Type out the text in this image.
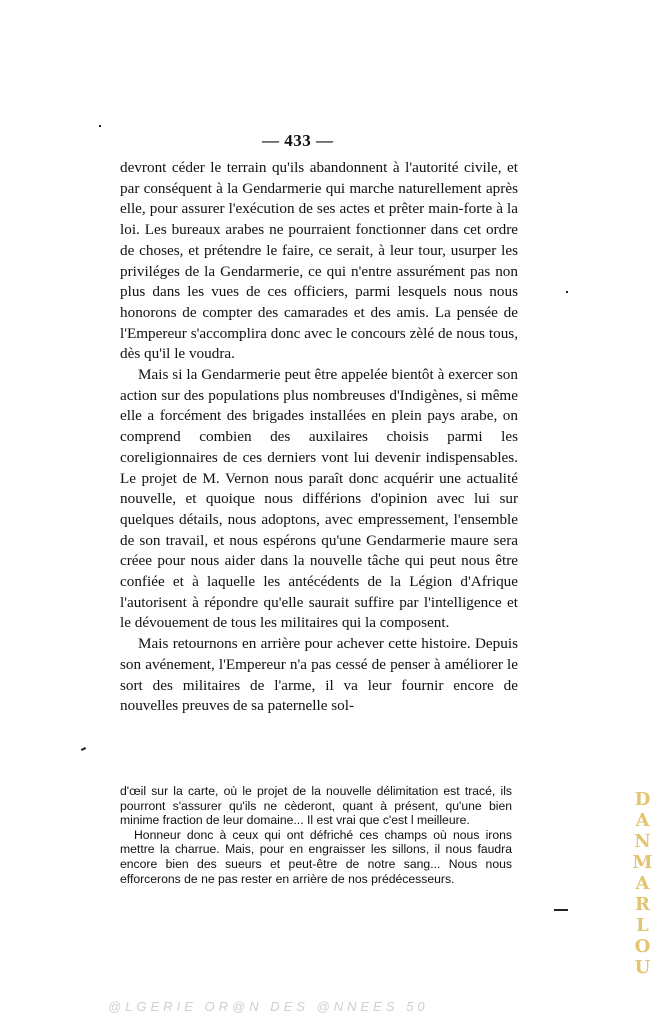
— 433 —

devront céder le terrain qu'ils abandonnent à l'autorité civile, et par conséquent à la Gendarmerie qui marche naturellement après elle, pour assurer l'exécution de ses actes et prêter main-forte à la loi. Les bureaux arabes ne pourraient fonctionner dans cet ordre de choses, et prétendre le faire, ce serait, à leur tour, usurper les priviléges de la Gendarmerie, ce qui n'entre assurément pas non plus dans les vues de ces officiers, parmi lesquels nous nous honorons de compter des camarades et des amis. La pensée de l'Empereur s'accomplira donc avec le concours zèlé de nous tous, dès qu'il le voudra.

Mais si la Gendarmerie peut être appelée bientôt à exercer son action sur des populations plus nombreuses d'Indigènes, si même elle a forcément des brigades installées en plein pays arabe, on comprend combien des auxilaires choisis parmi les coreligionnaires de ces derniers vont lui devenir indispensables. Le projet de M. Vernon nous paraît donc acquérir une actualité nouvelle, et quoique nous différions d'opinion avec lui sur quelques détails, nous adoptons, avec empressement, l'ensemble de son travail, et nous espérons qu'une Gendarmerie maure sera créee pour nous aider dans la nouvelle tâche qui peut nous être confiée et à laquelle les antécédents de la Légion d'Afrique l'autorisent à répondre qu'elle saurait suffire par l'intelligence et le dévouement de tous les militaires qui la composent.

Mais retournons en arrière pour achever cette histoire. Depuis son avénement, l'Empereur n'a pas cessé de penser à améliorer le sort des militaires de l'arme, il va leur fournir encore de nouvelles preuves de sa paternelle sol-

d'œil sur la carte, où le projet de la nouvelle délimitation est tracé, ils pourront s'assurer qu'ils ne cèderont, quant à présent, qu'une bien minime fraction de leur domaine... Il est vrai que c'est l meilleure.

Honneur donc à ceux qui ont défriché ces champs où nous irons mettre la charrue. Mais, pour en engraisser les sillons, il nous faudra encore bien des sueurs et peut-être de notre sang... Nous nous efforcerons de ne pas rester en arrière de nos prédécesseurs.	DANMARLOU
@LGERIE OR@N DES @NNEES 50
